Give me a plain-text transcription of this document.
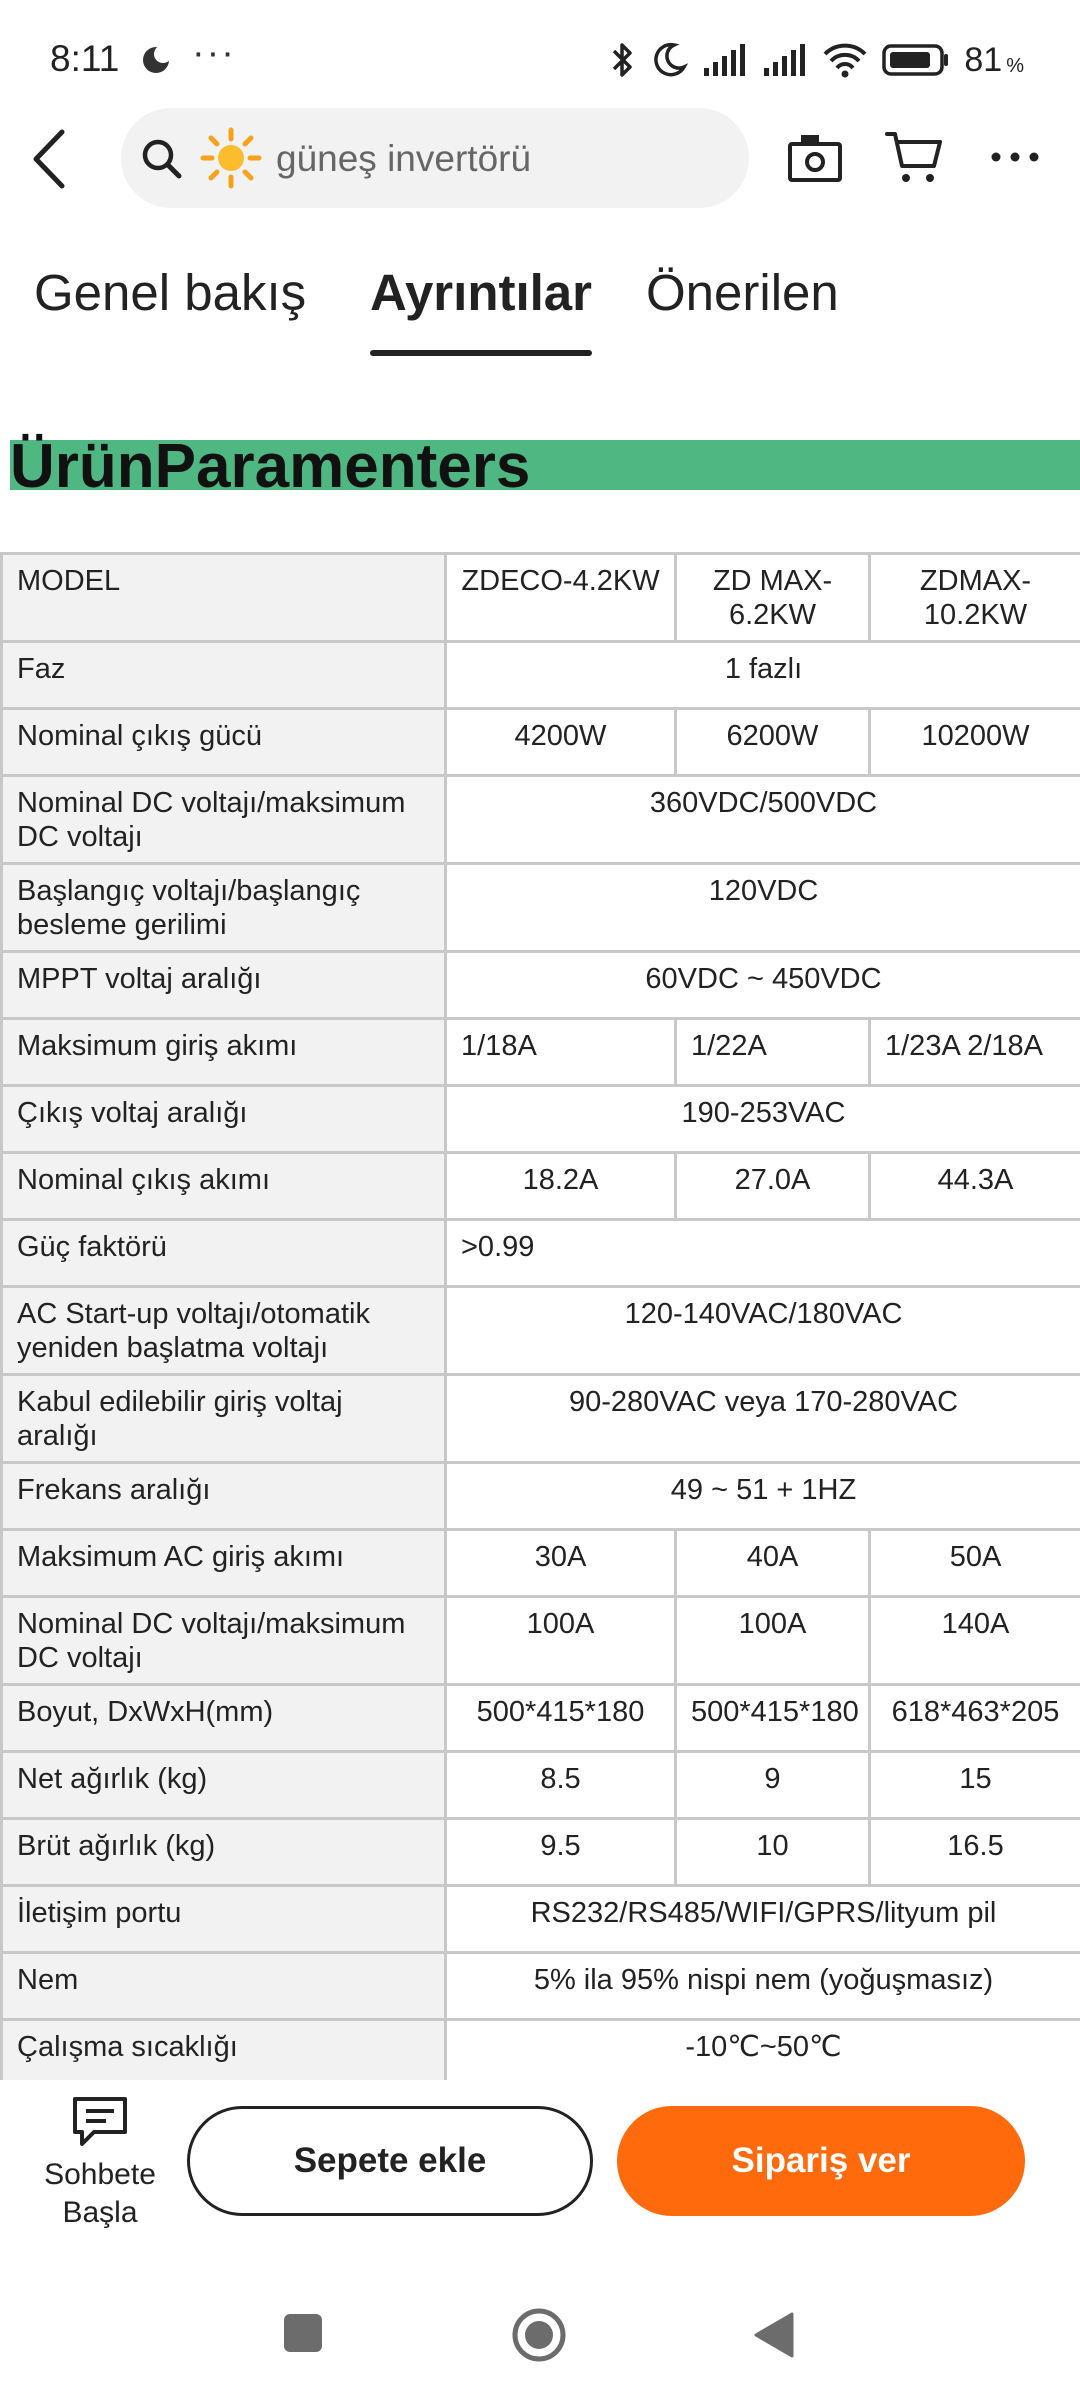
8:11 ···	81 %
güneş invertörü
Genel bakış Ayrıntılar Önerilen
ÜrünParamenters
MODEL	ZDECO-4.2KW	ZD MAX-6.2KW	ZDMAX-10.2KW
Faz	1 fazlı		
Nominal çıkış gücü	4200W	6200W	10200W
Nominal DC voltajı/maksimum DC voltajı	360VDC/500VDC		
Başlangıç voltajı/başlangıç besleme gerilimi	120VDC		
MPPT voltaj aralığı	60VDC ~ 450VDC		
Maksimum giriş akımı	1/18A	1/22A	1/23A 2/18A
Çıkış voltaj aralığı	190-253VAC		
Nominal çıkış akımı	18.2A	27.0A	44.3A
Güç faktörü	>0.99		
AC Start-up voltajı/otomatik yeniden başlatma voltajı	120-140VAC/180VAC		
Kabul edilebilir giriş voltaj aralığı	90-280VAC veya 170-280VAC		
Frekans aralığı	49 ~ 51 + 1HZ		
Maksimum AC giriş akımı	30A	40A	50A
Nominal DC voltajı/maksimum DC voltajı	100A	100A	140A
Boyut, DxWxH(mm)	500*415*180	500*415*180	618*463*205
Net ağırlık (kg)	8.5	9	15
Brüt ağırlık (kg)	9.5	10	16.5
İletişim portu	RS232/RS485/WIFI/GPRS/lityum pil		
Nem	5% ila 95% nispi nem (yoğuşmasız)		
Çalışma sıcaklığı	-10℃~50℃		
Sohbete
Başla
Sepete ekle	Sipariş ver
